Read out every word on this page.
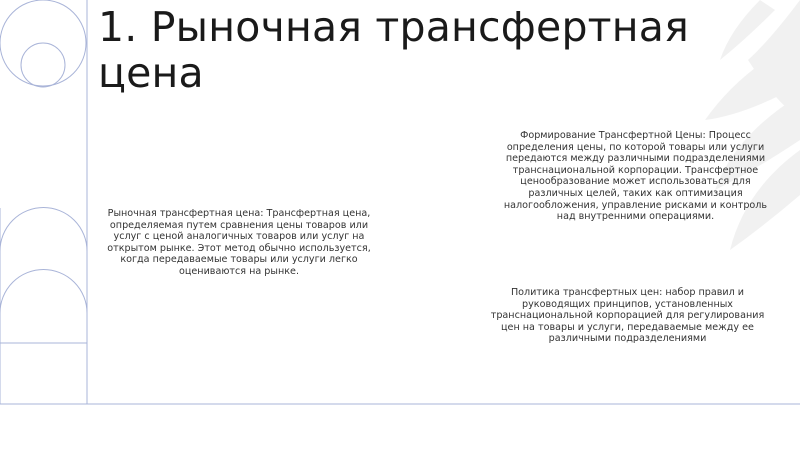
1. Рыночная трансфертная цена

Рыночная трансфертная цена: Трансфертная цена, определяемая путем сравнения цены товаров или услуг с ценой аналогичных товаров или услуг на открытом рынке. Этот метод обычно используется, когда передаваемые товары или услуги легко оцениваются на рынке.

Формирование Трансфертной Цены: Процесс определения цены, по которой товары или услуги передаются между различными подразделениями транснациональной корпорации. Трансфертное ценообразование может использоваться для различных целей, таких как оптимизация налогообложения, управление рисками и контроль над внутренними операциями.

Политика трансфертных цен: набор правил и руководящих принципов, установленных транснациональной корпорацией для регулирования цен на товары и услуги, передаваемые между ее различными подразделениями
